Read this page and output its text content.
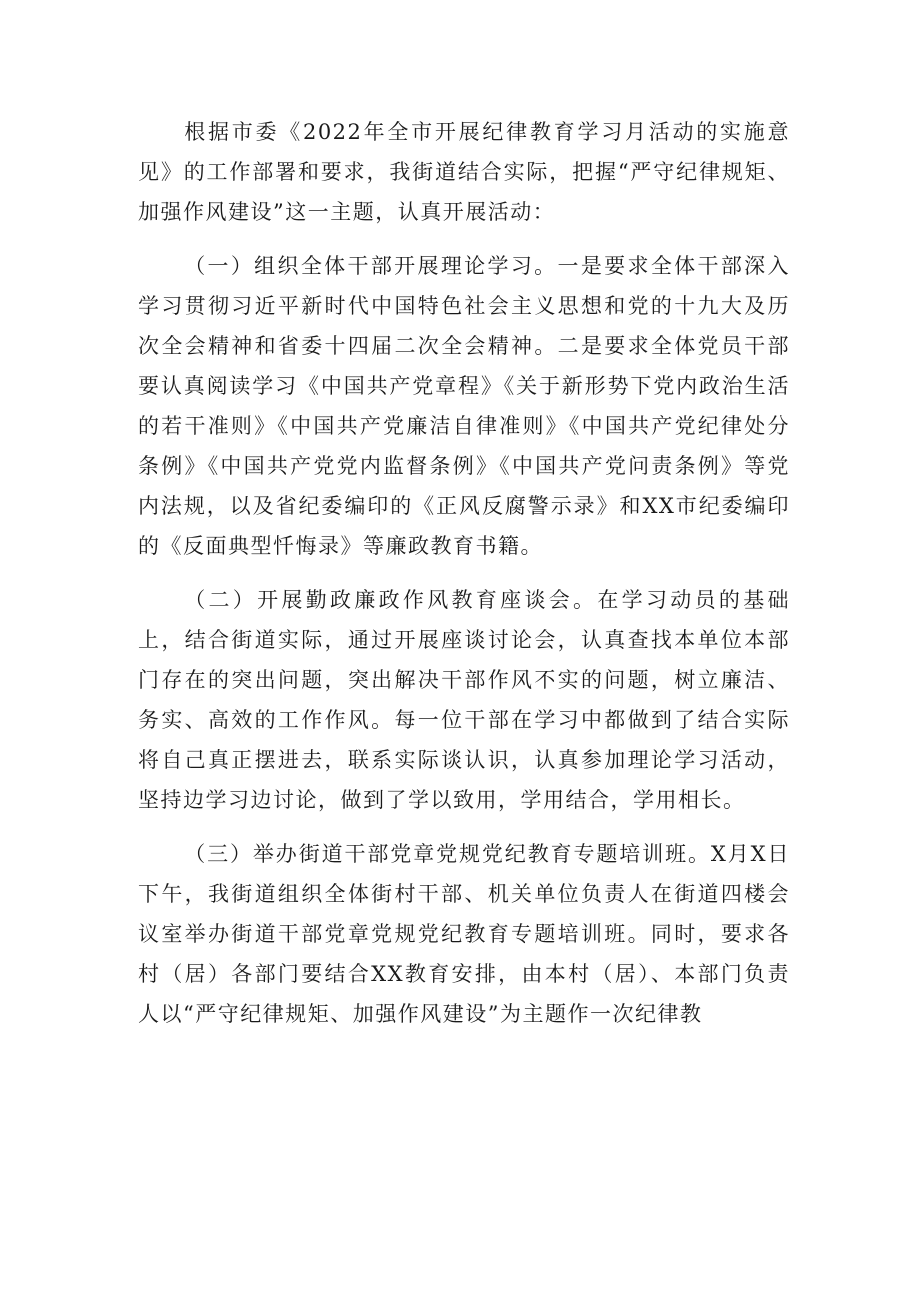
根据市委《2022年全市开展纪律教育学习月活动的实施意见》的工作部署和要求，我街道结合实际，把握“严守纪律规矩、加强作风建设”这一主题，认真开展活动：

（一）组织全体干部开展理论学习。一是要求全体干部深入学习贯彻习近平新时代中国特色社会主义思想和党的十九大及历次全会精神和省委十四届二次全会精神。二是要求全体党员干部要认真阅读学习《中国共产党章程》《关于新形势下党内政治生活的若干准则》《中国共产党廉洁自律准则》《中国共产党纪律处分条例》《中国共产党党内监督条例》《中国共产党问责条例》等党内法规，以及省纪委编印的《正风反腐警示录》和XX市纪委编印的《反面典型忏悔录》等廉政教育书籍。

（二）开展勤政廉政作风教育座谈会。在学习动员的基础上，结合街道实际，通过开展座谈讨论会，认真查找本单位本部门存在的突出问题，突出解决干部作风不实的问题，树立廉洁、务实、高效的工作作风。每一位干部在学习中都做到了结合实际将自己真正摆进去，联系实际谈认识，认真参加理论学习活动，坚持边学习边讨论，做到了学以致用，学用结合，学用相长。

（三）举办街道干部党章党规党纪教育专题培训班。X月X日下午，我街道组织全体街村干部、机关单位负责人在街道四楼会议室举办街道干部党章党规党纪教育专题培训班。同时，要求各村（居）各部门要结合XX教育安排，由本村（居）、本部门负责人以“严守纪律规矩、加强作风建设”为主题作一次纪律教
